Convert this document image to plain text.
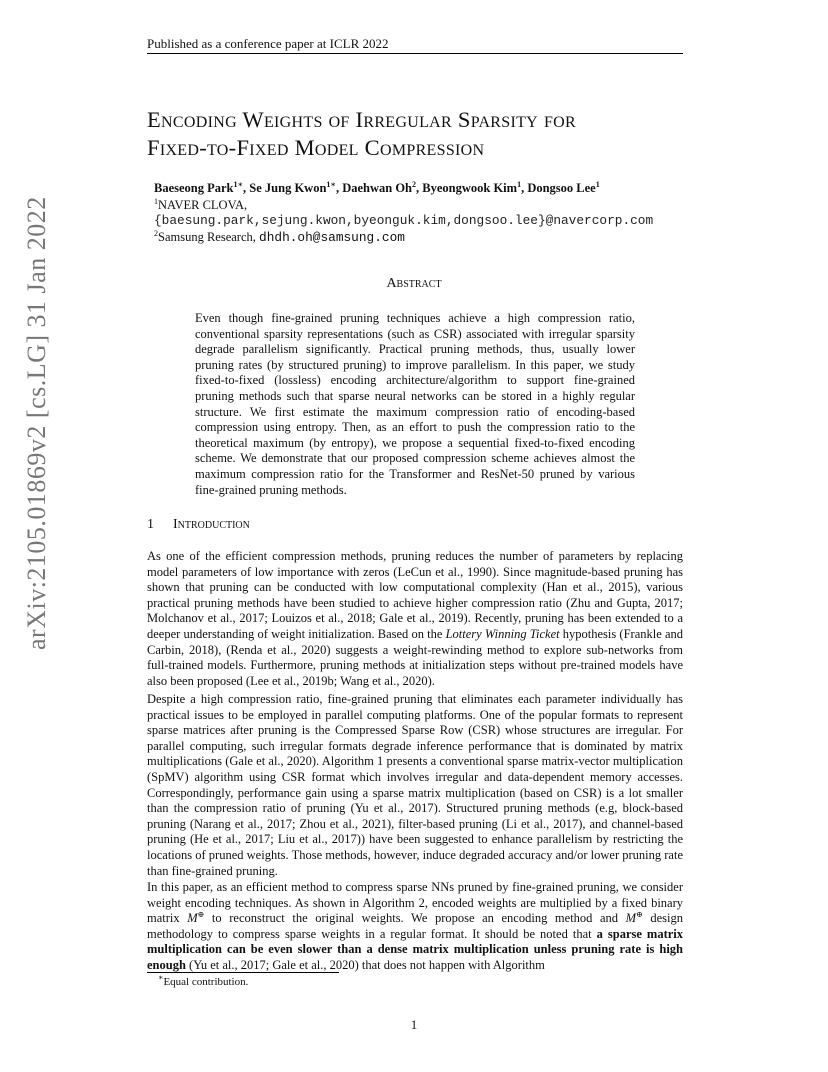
Published as a conference paper at ICLR 2022
arXiv:2105.01869v2 [cs.LG] 31 Jan 2022
Encoding Weights of Irregular Sparsity for
Fixed-to-Fixed Model Compression
Baeseong Park$^{1∗}$, Se Jung Kwon$^{1∗}$, Daehwan Oh$^2$, Byeongwook Kim$^1$, Dongsoo Lee$^1$
$^1$NAVER CLOVA,
{baesung.park,sejung.kwon,byeonguk.kim,dongsoo.lee}@navercorp.com
$^2$Samsung Research, dhdh.oh@samsung.com
Abstract
Even though fine-grained pruning techniques achieve a high compression ratio, conventional sparsity representations (such as CSR) associated with irregular sparsity degrade parallelism significantly. Practical pruning methods, thus, usually lower pruning rates (by structured pruning) to improve parallelism. In this paper, we study fixed-to-fixed (lossless) encoding architecture/algorithm to support fine-grained pruning methods such that sparse neural networks can be stored in a highly regular structure. We first estimate the maximum compression ratio of encoding-based compression using entropy. Then, as an effort to push the compression ratio to the theoretical maximum (by entropy), we propose a sequential fixed-to-fixed encoding scheme. We demonstrate that our proposed compression scheme achieves almost the maximum compression ratio for the Transformer and ResNet-50 pruned by various fine-grained pruning methods.
1 Introduction
As one of the efficient compression methods, pruning reduces the number of parameters by replacing model parameters of low importance with zeros (LeCun et al., 1990). Since magnitude-based pruning has shown that pruning can be conducted with low computational complexity (Han et al., 2015), various practical pruning methods have been studied to achieve higher compression ratio (Zhu and Gupta, 2017; Molchanov et al., 2017; Louizos et al., 2018; Gale et al., 2019). Recently, pruning has been extended to a deeper understanding of weight initialization. Based on the Lottery Winning Ticket hypothesis (Frankle and Carbin, 2018), (Renda et al., 2020) suggests a weight-rewinding method to explore sub-networks from full-trained models. Furthermore, pruning methods at initialization steps without pre-trained models have also been proposed (Lee et al., 2019b; Wang et al., 2020).
Despite a high compression ratio, fine-grained pruning that eliminates each parameter individually has practical issues to be employed in parallel computing platforms. One of the popular formats to represent sparse matrices after pruning is the Compressed Sparse Row (CSR) whose structures are irregular. For parallel computing, such irregular formats degrade inference performance that is dominated by matrix multiplications (Gale et al., 2020). Algorithm 1 presents a conventional sparse matrix-vector multiplication (SpMV) algorithm using CSR format which involves irregular and data-dependent memory accesses. Correspondingly, performance gain using a sparse matrix multiplication (based on CSR) is a lot smaller than the compression ratio of pruning (Yu et al., 2017). Structured pruning methods (e.g, block-based pruning (Narang et al., 2017; Zhou et al., 2021), filter-based pruning (Li et al., 2017), and channel-based pruning (He et al., 2017; Liu et al., 2017)) have been suggested to enhance parallelism by restricting the locations of pruned weights. Those methods, however, induce degraded accuracy and/or lower pruning rate than fine-grained pruning.
In this paper, as an efficient method to compress sparse NNs pruned by fine-grained pruning, we consider weight encoding techniques. As shown in Algorithm 2, encoded weights are multiplied by a fixed binary matrix M⊕ to reconstruct the original weights. We propose an encoding method and M⊕ design methodology to compress sparse weights in a regular format. It should be noted that a sparse matrix multiplication can be even slower than a dense matrix multiplication unless pruning rate is high enough (Yu et al., 2017; Gale et al., 2020) that does not happen with Algorithm
∗Equal contribution.
1
